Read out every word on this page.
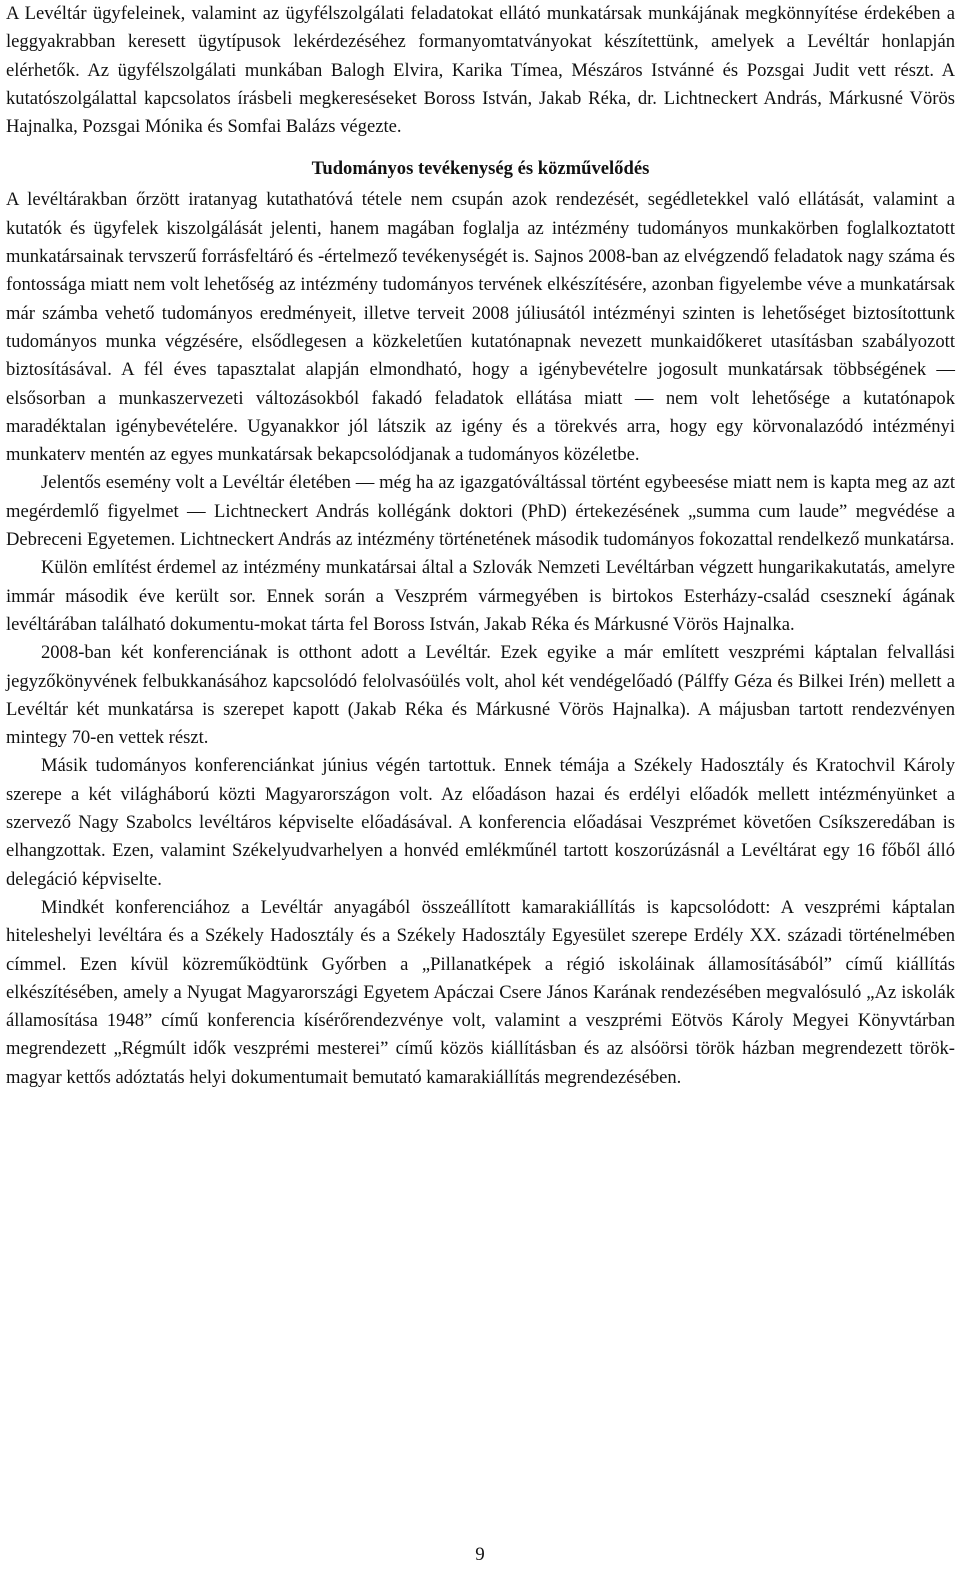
A Levéltár ügyfeleinek, valamint az ügyfélszolgálati feladatokat ellátó munkatársak munkájának megkönnyítése érdekében a leggyakrabban keresett ügytípusok lekérdezéséhez formanyomtatványokat készítettünk, amelyek a Levéltár honlapján elérhetők. Az ügyfélszolgálati munkában Balogh Elvira, Karika Tímea, Mészáros Istvánné és Pozsgai Judit vett részt. A kutatószolgálattal kapcsolatos írásbeli megkereséseket Boross István, Jakab Réka, dr. Lichtneckert András, Márkusné Vörös Hajnalka, Pozsgai Mónika és Somfai Balázs végezte.

Tudományos tevékenység és közművelődés

A levéltárakban őrzött iratanyag kutathatóvá tétele nem csupán azok rendezését, segédletekkel való ellátását, valamint a kutatók és ügyfelek kiszolgálását jelenti, hanem magában foglalja az intézmény tudományos munkakörben foglalkoztatott munkatársainak tervszerű forrásfeltáró és -értelmező tevékenységét is. Sajnos 2008-ban az elvégzendő feladatok nagy száma és fontossága miatt nem volt lehetőség az intézmény tudományos tervének elkészítésére, azonban figyelembe véve a munkatársak már számba vehető tudományos eredményeit, illetve terveit 2008 júliusától intézményi szinten is lehetőséget biztosítottunk tudományos munka végzésére, elsődlegesen a közkeletűen kutatónapnak nevezett munkaidőkeret utasításban szabályozott biztosításával. A fél éves tapasztalat alapján elmondható, hogy a igénybevételre jogosult munkatársak többségének — elsősorban a munkaszervezeti változásokból fakadó feladatok ellátása miatt — nem volt lehetősége a kutatónapok maradéktalan igénybevételére. Ugyanakkor jól látszik az igény és a törekvés arra, hogy egy körvonalazódó intézményi munkaterv mentén az egyes munkatársak bekapcsolódjanak a tudományos közéletbe.

Jelentős esemény volt a Levéltár életében — még ha az igazgatóváltással történt egybeesése miatt nem is kapta meg az azt megérdemlő figyelmet — Lichtneckert András kollégánk doktori (PhD) értekezésének „summa cum laude” megvédése a Debreceni Egyetemen. Lichtneckert András az intézmény történetének második tudományos fokozattal rendelkező munkatársa.

Külön említést érdemel az intézmény munkatársai által a Szlovák Nemzeti Levéltárban végzett hungarikakutatás, amelyre immár második éve került sor. Ennek során a Veszprém vármegyében is birtokos Esterházy-család csesznekí ágának levéltárában található dokumentu-mokat tárta fel Boross István, Jakab Réka és Márkusné Vörös Hajnalka.

2008-ban két konferenciának is otthont adott a Levéltár. Ezek egyike a már említett veszprémi káptalan felvallási jegyzőkönyvének felbukkanásához kapcsolódó felolvasóülés volt, ahol két vendégelőadó (Pálffy Géza és Bilkei Irén) mellett a Levéltár két munkatársa is szerepet kapott (Jakab Réka és Márkusné Vörös Hajnalka). A májusban tartott rendezvényen mintegy 70-en vettek részt.

Másik tudományos konferenciánkat június végén tartottuk. Ennek témája a Székely Hadosztály és Kratochvil Károly szerepe a két világháború közti Magyarországon volt. Az előadáson hazai és erdélyi előadók mellett intézményünket a szervező Nagy Szabolcs levéltáros képviselte előadásával. A konferencia előadásai Veszprémet követően Csíkszeredában is elhangzottak. Ezen, valamint Székelyudvarhelyen a honvéd emlékműnél tartott koszorúzásnál a Levéltárat egy 16 főből álló delegáció képviselte.

Mindkét konferenciához a Levéltár anyagából összeállított kamarakiállítás is kapcsolódott: A veszprémi káptalan hiteleshelyi levéltára és a Székely Hadosztály és a Székely Hadosztály Egyesület szerepe Erdély XX. századi történelmében címmel. Ezen kívül közreműködtünk Győrben a „Pillanatképek a régió iskoláinak államosításából” című kiállítás elkészítésében, amely a Nyugat Magyarországi Egyetem Apáczai Csere János Karának rendezésében megvalósuló „Az iskolák államosítása 1948” című konferencia kísérőrendezvénye volt, valamint a veszprémi Eötvös Károly Megyei Könyvtárban megrendezett „Régmúlt idők veszprémi mesterei” című közös kiállításban és az alsóörsi török házban megrendezett török-magyar kettős adóztatás helyi dokumentumait bemutató kamarakiállítás megrendezésében.

9
